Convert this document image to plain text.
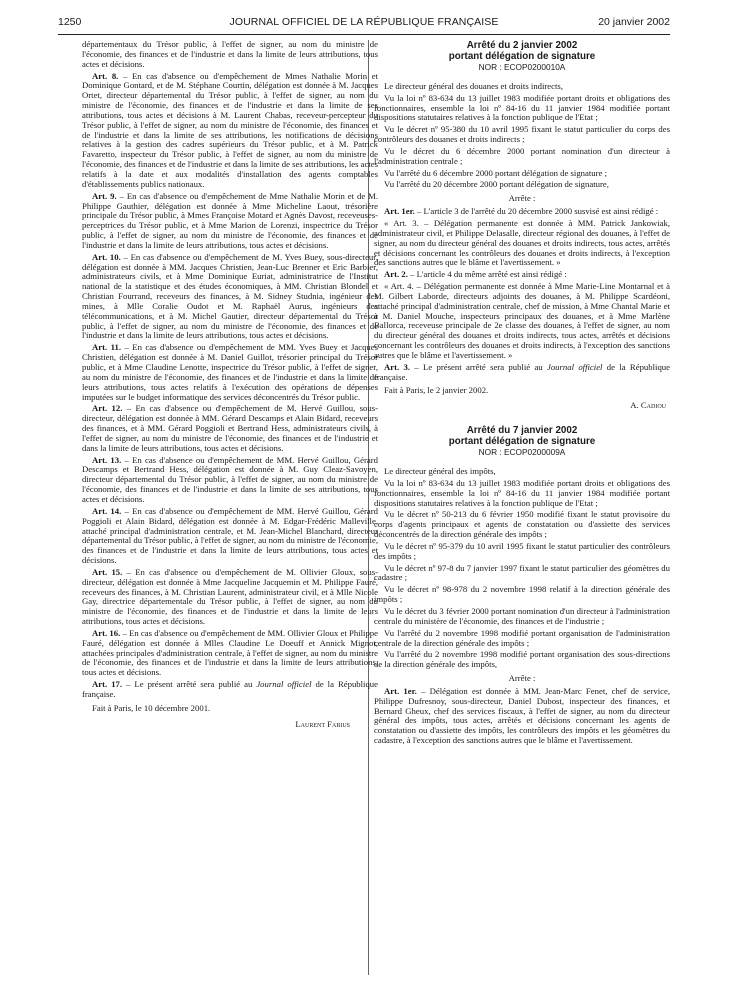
1250	JOURNAL OFFICIEL DE LA RÉPUBLIQUE FRANÇAISE	20 janvier 2002

départementaux du Trésor public, à l'effet de signer, au nom du ministre de l'économie, des finances et de l'industrie et dans la limite de leurs attributions, tous actes et décisions.

Art. 8. – En cas d'absence ou d'empêchement de Mmes Nathalie Morin et Dominique Gontard, et de M. Stéphane Courtin, délégation est donnée à M. Jacques Ortet, directeur départemental du Trésor public, à l'effet de signer, au nom du ministre de l'économie, des finances et de l'industrie et dans la limite de ses attributions, tous actes et décisions à M. Laurent Chabas, receveur-percepteur du Trésor public, à l'effet de signer, au nom du ministre de l'économie, des finances et de l'industrie et dans la limite de ses attributions, les notifications de décisions relatives à la gestion des cadres supérieurs du Trésor public, et à M. Patrick Favaretto, inspecteur du Trésor public, à l'effet de signer, au nom du ministre de l'économie, des finances et de l'industrie et dans la limite de ses attributions, les actes relatifs à la date et aux modalités d'installation des agents comptables d'établissements publics nationaux.

Art. 9. – En cas d'absence ou d'empêchement de Mme Nathalie Morin et de M. Philippe Gauthier, délégation est donnée à Mme Micheline Laout, trésorière principale du Trésor public, à Mmes Françoise Motard et Agnès Davost, receveuses-perceptrices du Trésor public, et à Mme Marion de Lorenzi, inspectrice du Trésor public, à l'effet de signer, au nom du ministre de l'économie, des finances et de l'industrie et dans la limite de leurs attributions, tous actes et décisions.

Art. 10. – En cas d'absence ou d'empêchement de M. Yves Buey, sous-directeur, délégation est donnée à MM. Jacques Christien, Jean-Luc Brenner et Eric Barbier, administrateurs civils, et à Mme Dominique Euriat, administratrice de l'Institut national de la statistique et des études économiques, à MM. Christian Blondel et Christian Fourrand, receveurs des finances, à M. Sidney Studnia, ingénieur des mines, à Mlle Coralie Oudot et M. Raphaël Aurus, ingénieurs des télécommunications, et à M. Michel Gautier, directeur départemental du Trésor public, à l'effet de signer, au nom du ministre de l'économie, des finances et de l'industrie et dans la limite de leurs attributions, tous actes et décisions.

Art. 11. – En cas d'absence ou d'empêchement de MM. Yves Buey et Jacques Christien, délégation est donnée à M. Daniel Guillot, trésorier principal du Trésor public, et à Mme Claudine Lenotte, inspectrice du Trésor public, à l'effet de signer, au nom du ministre de l'économie, des finances et de l'industrie et dans la limite de leurs attributions, tous actes relatifs à l'exécution des opérations de dépenses imputées sur le budget informatique des services déconcentrés du Trésor public.

Art. 12. – En cas d'absence ou d'empêchement de M. Hervé Guillou, sous-directeur, délégation est donnée à MM. Gérard Descamps et Alain Bidard, receveurs des finances, et à MM. Gérard Poggioli et Bertrand Hess, administrateurs civils, à l'effet de signer, au nom du ministre de l'économie, des finances et de l'industrie et dans la limite de leurs attributions, tous actes et décisions.

Art. 13. – En cas d'absence ou d'empêchement de MM. Hervé Guillou, Gérard Descamps et Bertrand Hess, délégation est donnée à M. Guy Cleaz-Savoyen, directeur départemental du Trésor public, à l'effet de signer, au nom du ministre de l'économie, des finances et de l'industrie et dans la limite de ses attributions, tous actes et décisions.

Art. 14. – En cas d'absence ou d'empêchement de MM. Hervé Guillou, Gérard Poggioli et Alain Bidard, délégation est donnée à M. Edgar-Frédéric Malleville, attaché principal d'administration centrale, et M. Jean-Michel Blanchard, directeur départemental du Trésor public, à l'effet de signer, au nom du ministre de l'économie, des finances et de l'industrie et dans la limite de leurs attributions, tous actes et décisions.

Art. 15. – En cas d'absence ou d'empêchement de M. Ollivier Gloux, sous-directeur, délégation est donnée à Mme Jacqueline Jacquemin et M. Philippe Fauré, receveurs des finances, à M. Christian Laurent, administrateur civil, et à Mlle Nicole Gay, directrice départementale du Trésor public, à l'effet de signer, au nom du ministre de l'économie, des finances et de l'industrie et dans la limite de leurs attributions, tous actes et décisions.

Art. 16. – En cas d'absence ou d'empêchement de MM. Ollivier Gloux et Philippe Fauré, délégation est donnée à Mlles Claudine Le Doeuff et Annick Mignot, attachées principales d'administration centrale, à l'effet de signer, au nom du ministre de l'économie, des finances et de l'industrie et dans la limite de leurs attributions, tous actes et décisions.

Art. 17. – Le présent arrêté sera publié au Journal officiel de la République française.

Fait à Paris, le 10 décembre 2001.

Laurent Fabius
Arrêté du 2 janvier 2002
portant délégation de signature
NOR : ECOP0200010A

Le directeur général des douanes et droits indirects,

Vu la loi nº 83-634 du 13 juillet 1983 modifiée portant droits et obligations des fonctionnaires, ensemble la loi nº 84-16 du 11 janvier 1984 modifiée portant dispositions statutaires relatives à la fonction publique de l'Etat ;

Vu le décret nº 95-380 du 10 avril 1995 fixant le statut particulier du corps des contrôleurs des douanes et droits indirects ;

Vu le décret du 6 décembre 2000 portant nomination d'un directeur à l'administration centrale ;

Vu l'arrêté du 6 décembre 2000 portant délégation de signature ;

Vu l'arrêté du 20 décembre 2000 portant délégation de signature,

Arrête :

Art. 1er. – L'article 3 de l'arrêté du 20 décembre 2000 susvisé est ainsi rédigé :

« Art. 3. – Délégation permanente est donnée à MM. Patrick Jankowiak, administrateur civil, et Philippe Delasalle, directeur régional des douanes, à l'effet de signer, au nom du directeur général des douanes et droits indirects, tous actes, arrêtés et décisions concernant les contrôleurs des douanes et droits indirects, à l'exception des sanctions autres que le blâme et l'avertissement. »

Art. 2. – L'article 4 du même arrêté est ainsi rédigé :

« Art. 4. – Délégation permanente est donnée à Mme Marie-Line Montarnal et à M. Gilbert Laborde, directeurs adjoints des douanes, à M. Philippe Scardéoni, attaché principal d'administration centrale, chef de mission, à Mme Chantal Marie et à M. Daniel Mouche, inspecteurs principaux des douanes, et à Mme Marlène Ballorca, receveuse principale de 2e classe des douanes, à l'effet de signer, au nom du directeur général des douanes et droits indirects, tous actes, arrêtés et décisions concernant les contrôleurs des douanes et droits indirects, à l'exception des sanctions autres que le blâme et l'avertissement. »

Art. 3. – Le présent arrêté sera publié au Journal officiel de la République française.

Fait à Paris, le 2 janvier 2002.

A. Cadiou
Arrêté du 7 janvier 2002
portant délégation de signature
NOR : ECOP0200009A

Le directeur général des impôts,

Vu la loi nº 83-634 du 13 juillet 1983 modifiée portant droits et obligations des fonctionnaires, ensemble la loi nº 84-16 du 11 janvier 1984 modifiée portant dispositions statutaires relatives à la fonction publique de l'Etat ;

Vu le décret nº 50-213 du 6 février 1950 modifié fixant le statut provisoire du corps d'agents principaux et agents de constatation ou d'assiette des services déconcentrés de la direction générale des impôts ;

Vu le décret nº 95-379 du 10 avril 1995 fixant le statut particulier des contrôleurs des impôts ;

Vu le décret nº 97-8 du 7 janvier 1997 fixant le statut particulier des géomètres du cadastre ;

Vu le décret nº 98-978 du 2 novembre 1998 relatif à la direction générale des impôts ;

Vu le décret du 3 février 2000 portant nomination d'un directeur à l'administration centrale du ministère de l'économie, des finances et de l'industrie ;

Vu l'arrêté du 2 novembre 1998 modifié portant organisation de l'administration centrale de la direction générale des impôts ;

Vu l'arrêté du 2 novembre 1998 modifié portant organisation des sous-directions de la direction générale des impôts,

Arrête :

Art. 1er. – Délégation est donnée à MM. Jean-Marc Fenet, chef de service, Philippe Dufresnoy, sous-directeur, Daniel Dubost, inspecteur des finances, et Bernard Gheux, chef des services fiscaux, à l'effet de signer, au nom du directeur général des impôts, tous actes, arrêtés et décisions concernant les agents de constatation ou d'assiette des impôts, les contrôleurs des impôts et les géomètres du cadastre, à l'exception des sanctions autres que le blâme et l'avertissement.
